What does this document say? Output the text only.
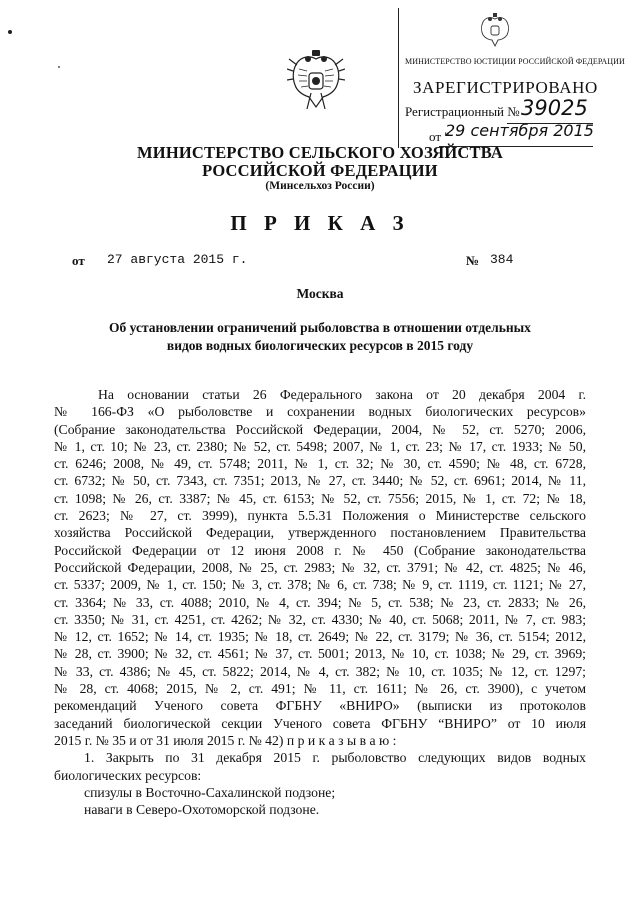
МИНИСТЕРСТВО ЮСТИЦИИ РОССИЙСКОЙ ФЕДЕРАЦИИ
ЗАРЕГИСТРИРОВАНО
Регистрационный № 39025
от "
29 сентября 2015
МИНИСТЕРСТВО СЕЛЬСКОГО ХОЗЯЙСТВА
РОССИЙСКОЙ ФЕДЕРАЦИИ
(Минсельхоз России)
П Р И К А З
от 27 августа 2015 г.	№ 384
Москва
Об установлении ограничений рыболовства в отношении отдельных
видов водных биологических ресурсов в 2015 году
На основании статьи 26 Федерального закона от 20 декабря 2004 г.
№ 166-ФЗ «О рыболовстве и сохранении водных биологических ресурсов»
(Собрание законодательства Российской Федерации, 2004, № 52, ст. 5270; 2006,
№ 1, ст. 10; № 23, ст. 2380; № 52, ст. 5498; 2007, № 1, ст. 23; № 17, ст. 1933; № 50,
ст. 6246; 2008, № 49, ст. 5748; 2011, № 1, ст. 32; № 30, ст. 4590; № 48, ст. 6728,
ст. 6732; № 50, ст. 7343, ст. 7351; 2013, № 27, ст. 3440; № 52, ст. 6961; 2014, № 11,
ст. 1098; № 26, ст. 3387; № 45, ст. 6153; № 52, ст. 7556; 2015, № 1, ст. 72; № 18,
ст. 2623; № 27, ст. 3999), пункта 5.5.31 Положения о Министерстве сельского
хозяйства Российской Федерации, утвержденного постановлением Правительства
Российской Федерации от 12 июня 2008 г. № 450 (Собрание законодательства
Российской Федерации, 2008, № 25, ст. 2983; № 32, ст. 3791; № 42, ст. 4825; № 46,
ст. 5337; 2009, № 1, ст. 150; № 3, ст. 378; № 6, ст. 738; № 9, ст. 1119, ст. 1121; № 27,
ст. 3364; № 33, ст. 4088; 2010, № 4, ст. 394; № 5, ст. 538; № 23, ст. 2833; № 26,
ст. 3350; № 31, ст. 4251, ст. 4262; № 32, ст. 4330; № 40, ст. 5068; 2011, № 7, ст. 983;
№ 12, ст. 1652; № 14, ст. 1935; № 18, ст. 2649; № 22, ст. 3179; № 36, ст. 5154; 2012,
№ 28, ст. 3900; № 32, ст. 4561; № 37, ст. 5001; 2013, № 10, ст. 1038; № 29, ст. 3969;
№ 33, ст. 4386; № 45, ст. 5822; 2014, № 4, ст. 382; № 10, ст. 1035; № 12, ст. 1297;
№ 28, ст. 4068; 2015, № 2, ст. 491; № 11, ст. 1611; № 26, ст. 3900), с учетом
рекомендаций Ученого совета ФГБНУ «ВНИРО» (выписки из протоколов
заседаний биологической секции Ученого совета ФГБНУ “ВНИРО” от 10 июля
2015 г. № 35 и от 31 июля 2015 г. № 42) п р и к а з ы в а ю :
1. Закрыть по 31 декабря 2015 г. рыболовство следующих видов водных
биологических ресурсов:
спизулы в Восточно-Сахалинской подзоне;
наваги в Северо-Охотоморской подзоне.
